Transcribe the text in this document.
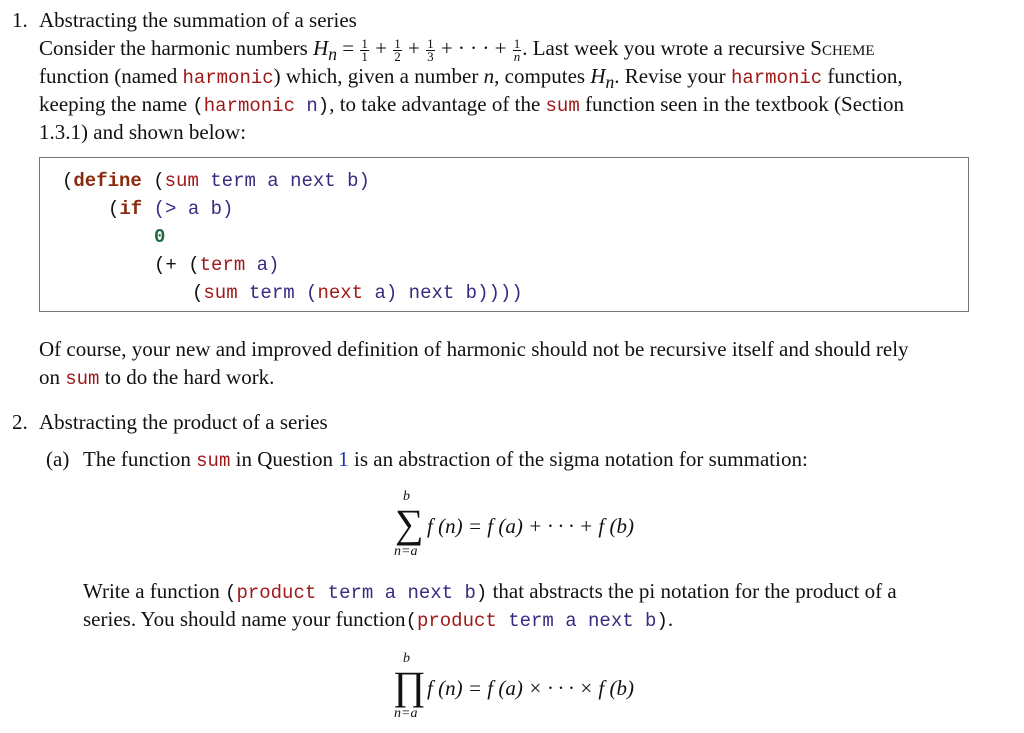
1. Abstracting the summation of a series
Consider the harmonic numbers $H_n = \frac{1}{1} + \frac{1}{2} + \frac{1}{3}$ + · · · + $\frac{1}{n}$ . Last week you wrote a recursive Scheme
function (named harmonic) which, given a number n, computes $H_n$. Revise your harmonic function,
keeping the name (harmonic n), to take advantage of the sum function seen in the textbook (Section
1.3.1) and shown below:
(define (sum term a next b)
(if (> a b)
0
(+ (term a)
(sum term (next a) next b))))
Of course, your new and improved definition of harmonic should not be recursive itself and should rely
on sum to do the hard work.
2. Abstracting the product of a series
(a) The function sum in Question 1 is an abstraction of the sigma notation for summation:
b
∑
n=a
f (n) = f (a) + · · · + f (b)
Write a function (product term a next b) that abstracts the pi notation for the product of a
series. You should name your function(product term a next b).
b
∏
n=a
f (n) = f (a) × · · · × f (b)
